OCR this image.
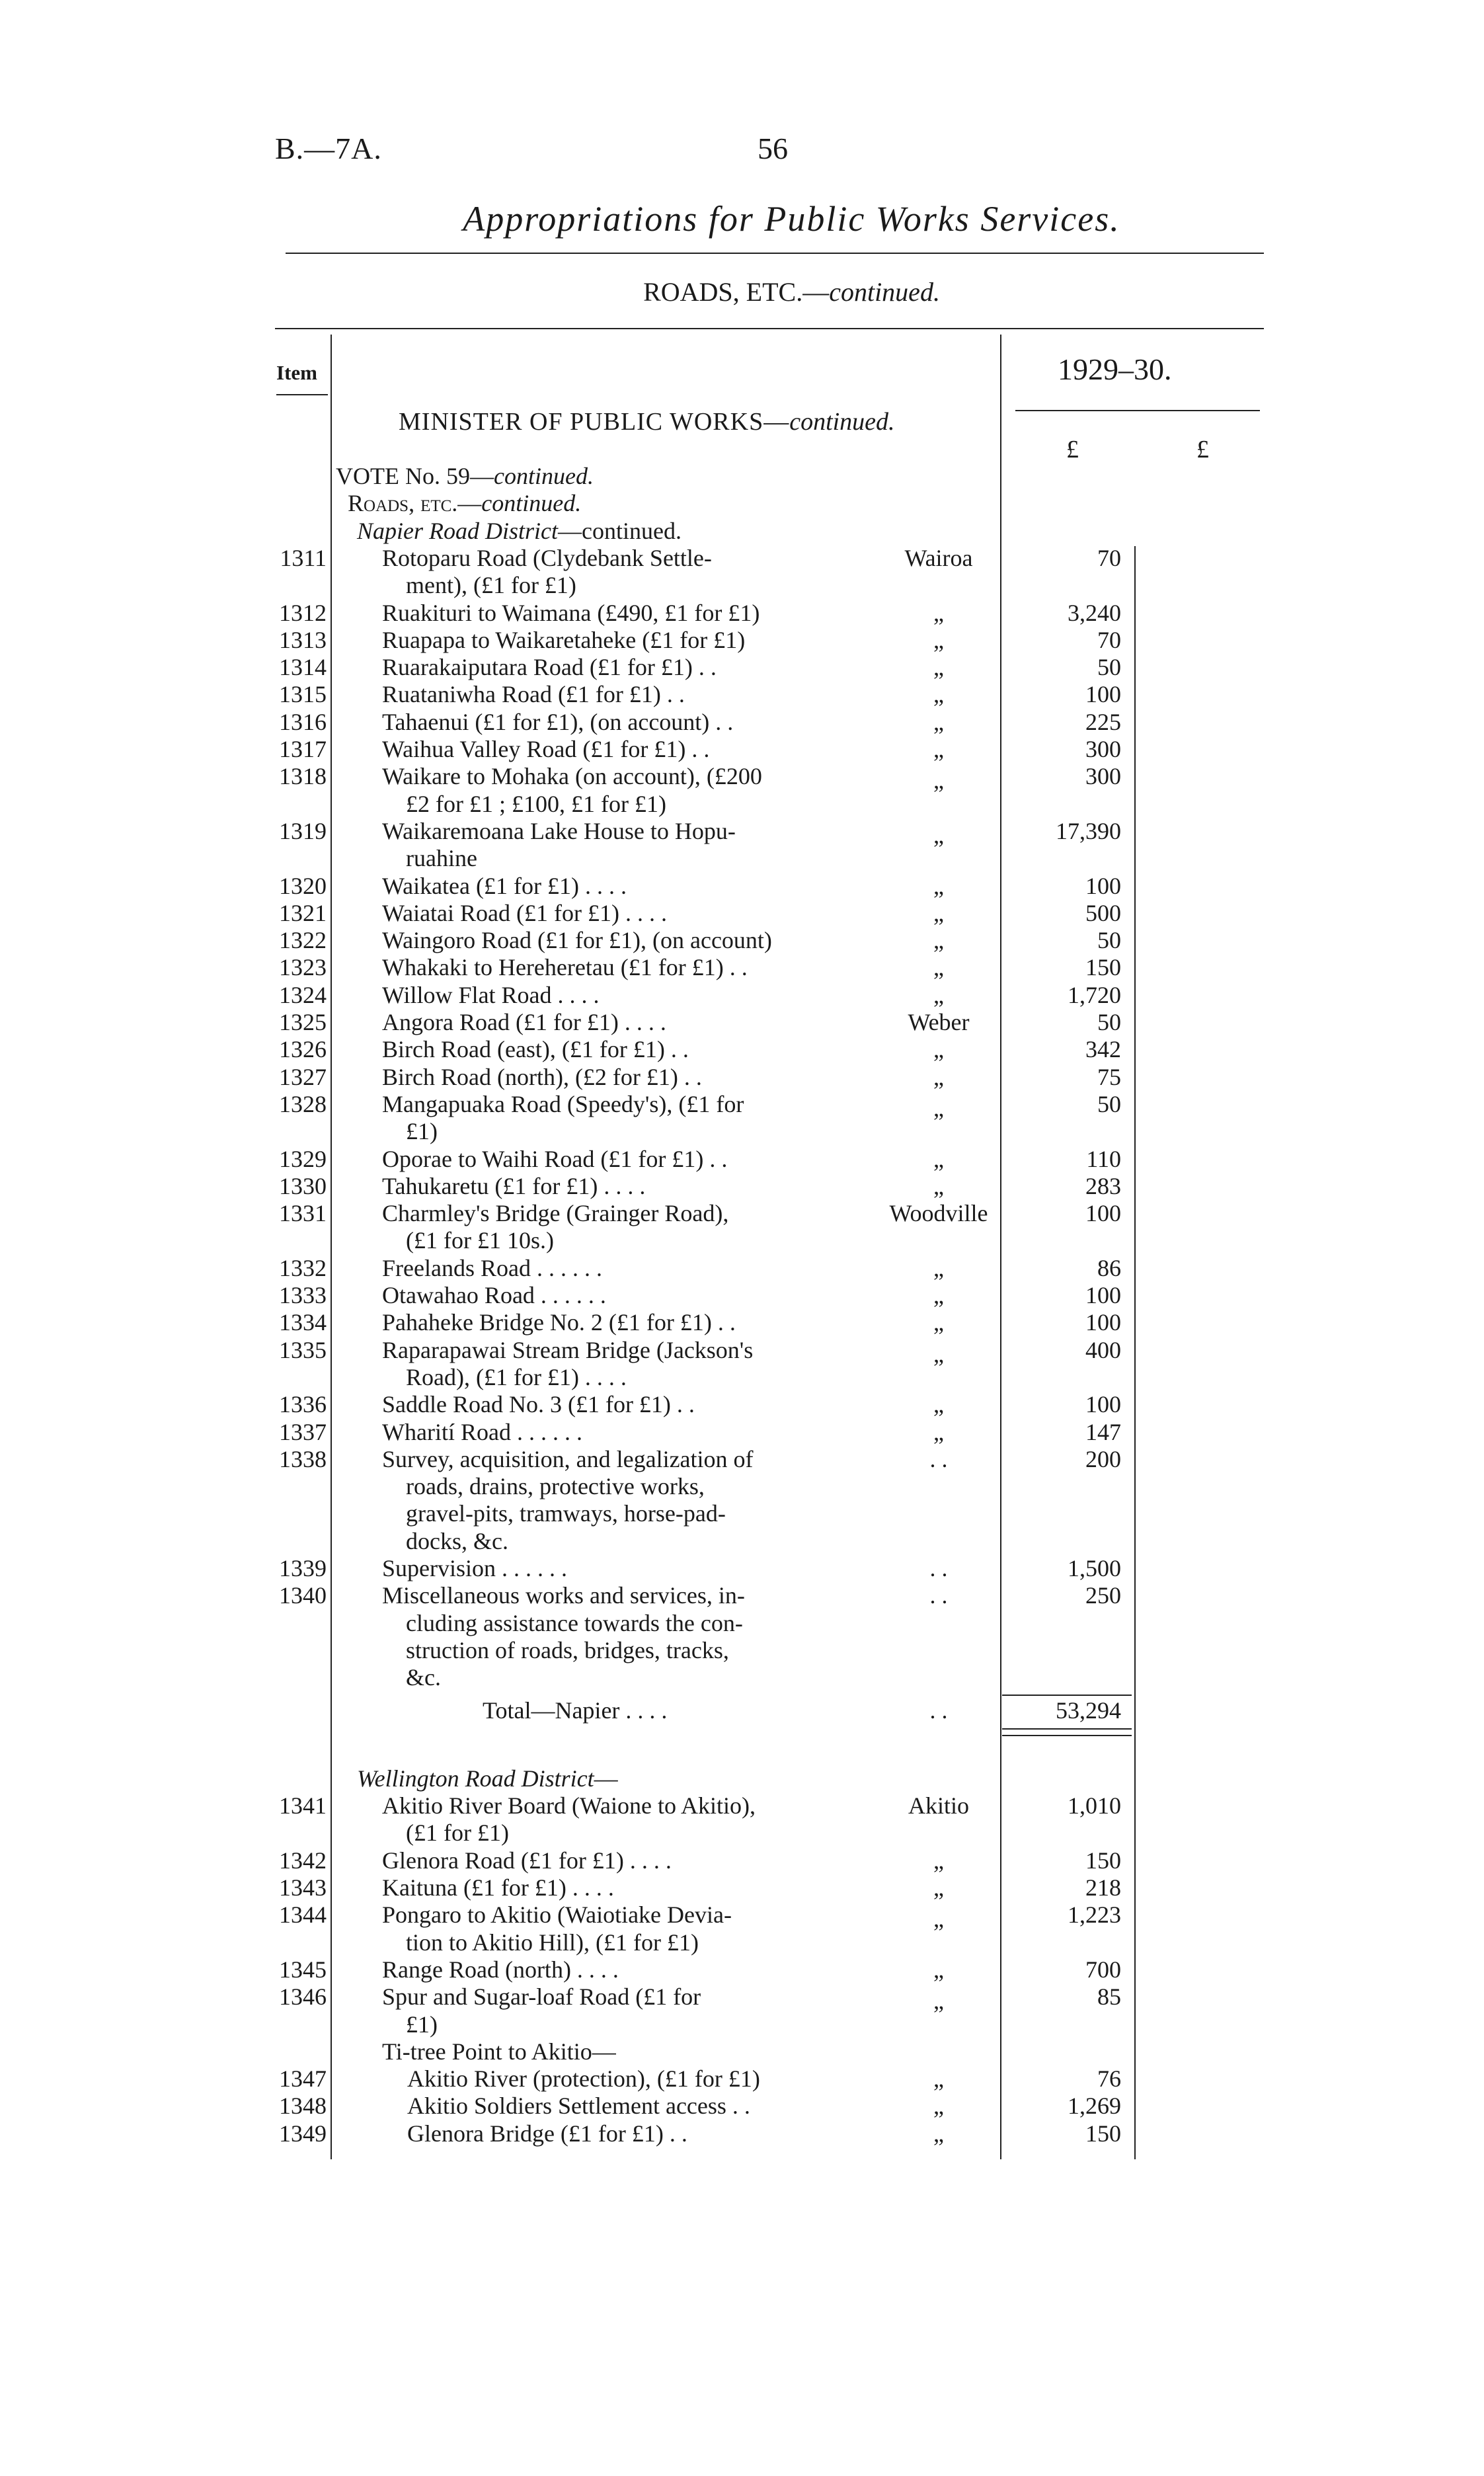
B.—7A.	56
Appropriations for Public Works Services.
ROADS, ETC.—continued.
Item	1929–30.
£	£
MINISTER OF PUBLIC WORKS—continued.
VOTE No. 59—continued.
Roads, etc.—continued.
Napier Road District—continued.
1311 Rotoparu Road (Clydebank Settle-
ment), (£1 for £1)
Wairoa	70
1312 Ruakituri to Waimana (£490, £1 for £1)	„	3,240
1313 Ruapapa to Waikaretaheke (£1 for £1)	„	70
1314 Ruarakaiputara Road (£1 for £1) . .	„	50
1315 Ruataniwha Road (£1 for £1) . .	„	100
1316 Tahaenui (£1 for £1), (on account) . .	„	225
1317 Waihua Valley Road (£1 for £1) . .	„	300
1318 Waikare to Mohaka (on account), (£200
£2 for £1 ; £100, £1 for £1)
„	300
1319 Waikaremoana Lake House to Hopu-
ruahine
„	17,390
1320 Waikatea (£1 for £1) . . . .	„	100
1321 Waiatai Road (£1 for £1) . . . .	„	500
1322 Waingoro Road (£1 for £1), (on account)	„	50
1323 Whakaki to Hereheretau (£1 for £1) . .	„	150
1324 Willow Flat Road . . . .	„	1,720
1325 Angora Road (£1 for £1) . . . .	Weber	50
1326 Birch Road (east), (£1 for £1) . .	„	342
1327 Birch Road (north), (£2 for £1) . .	„	75
1328 Mangapuaka Road (Speedy's), (£1 for
£1)
„	50
1329 Oporae to Waihi Road (£1 for £1) . .	„	110
1330 Tahukaretu (£1 for £1) . . . .	„	283
1331 Charmley's Bridge (Grainger Road),
(£1 for £1 10s.)
Woodville	100
1332 Freelands Road . . . . . .	„	86
1333 Otawahao Road . . . . . .	„	100
1334 Pahaheke Bridge No. 2 (£1 for £1) . .	„	100
1335 Raparapawai Stream Bridge (Jackson's
Road), (£1 for £1) . . . .
„	400
1336 Saddle Road No. 3 (£1 for £1) . .	„	100
1337 Wharití Road . . . . . .	„	147
1338 Survey, acquisition, and legalization of
roads, drains, protective works,
gravel-pits, tramways, horse-pad-
docks, &c.
. .	200
1339 Supervision . . . . . .	. .	1,500
1340 Miscellaneous works and services, in-
cluding assistance towards the con-
struction of roads, bridges, tracks,
&c.
. .	250
Total—Napier . . . .	. .	53,294
Wellington Road District—
1341 Akitio River Board (Waione to Akitio),
(£1 for £1)
Akitio	1,010
1342 Glenora Road (£1 for £1) . . . .	„	150
1343 Kaituna (£1 for £1) . . . .	„	218
1344 Pongaro to Akitio (Waiotiake Devia-
tion to Akitio Hill), (£1 for £1)
„	1,223
1345 Range Road (north) . . . .	„	700
1346 Spur and Sugar-loaf Road (£1 for
£1)
„	85
Ti-tree Point to Akitio—
1347	Akitio River (protection), (£1 for £1)	„	76
1348	Akitio Soldiers Settlement access . .	„	1,269
1349	Glenora Bridge (£1 for £1) . .	„	150
